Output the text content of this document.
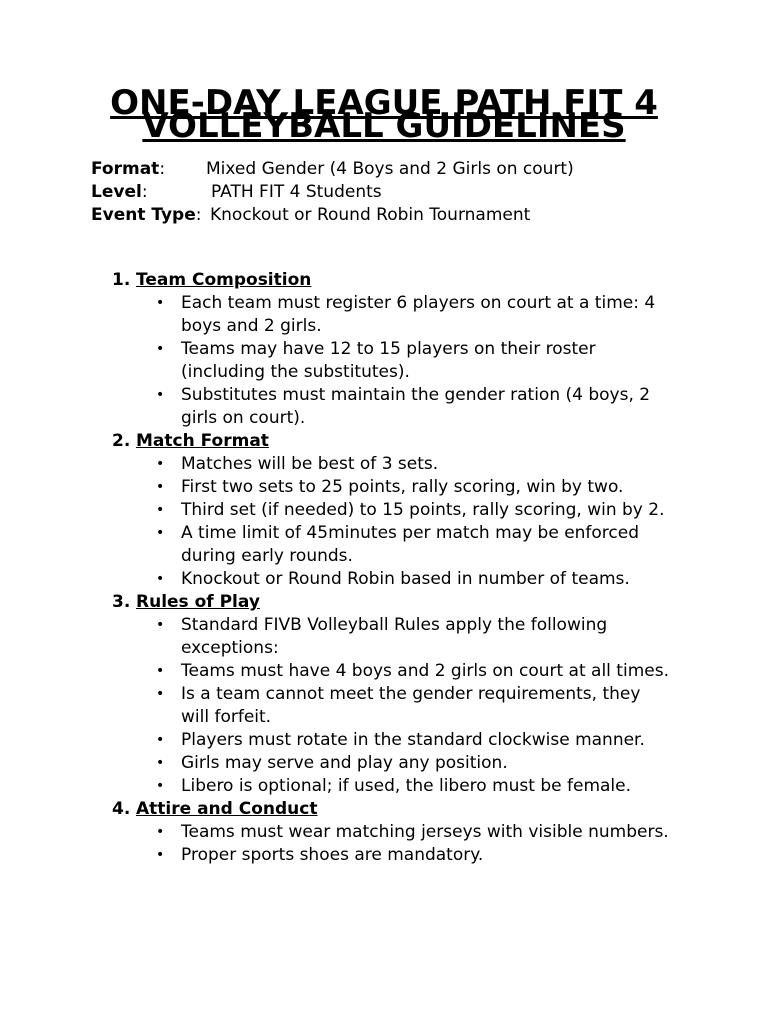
ONE-DAY LEAGUE PATH FIT 4 VOLLEYBALL GUIDELINES
Format: Mixed Gender (4 Boys and 2 Girls on court)
Level:	PATH FIT 4 Students
Event Type: Knockout or Round Robin Tournament
1. Team Composition
• Each team must register 6 players on court at a time: 4 boys and 2 girls.
• Teams may have 12 to 15 players on their roster (including the substitutes).
• Substitutes must maintain the gender ration (4 boys, 2 girls on court).
2. Match Format
• Matches will be best of 3 sets.
• First two sets to 25 points, rally scoring, win by two.
• Third set (if needed) to 15 points, rally scoring, win by 2.
• A time limit of 45minutes per match may be enforced during early rounds.
• Knockout or Round Robin based in number of teams.
3. Rules of Play
• Standard FIVB Volleyball Rules apply the following exceptions:
• Teams must have 4 boys and 2 girls on court at all times.
• Is a team cannot meet the gender requirements, they will forfeit.
• Players must rotate in the standard clockwise manner.
• Girls may serve and play any position.
• Libero is optional; if used, the libero must be female.
4. Attire and Conduct
• Teams must wear matching jerseys with visible numbers.
• Proper sports shoes are mandatory.
